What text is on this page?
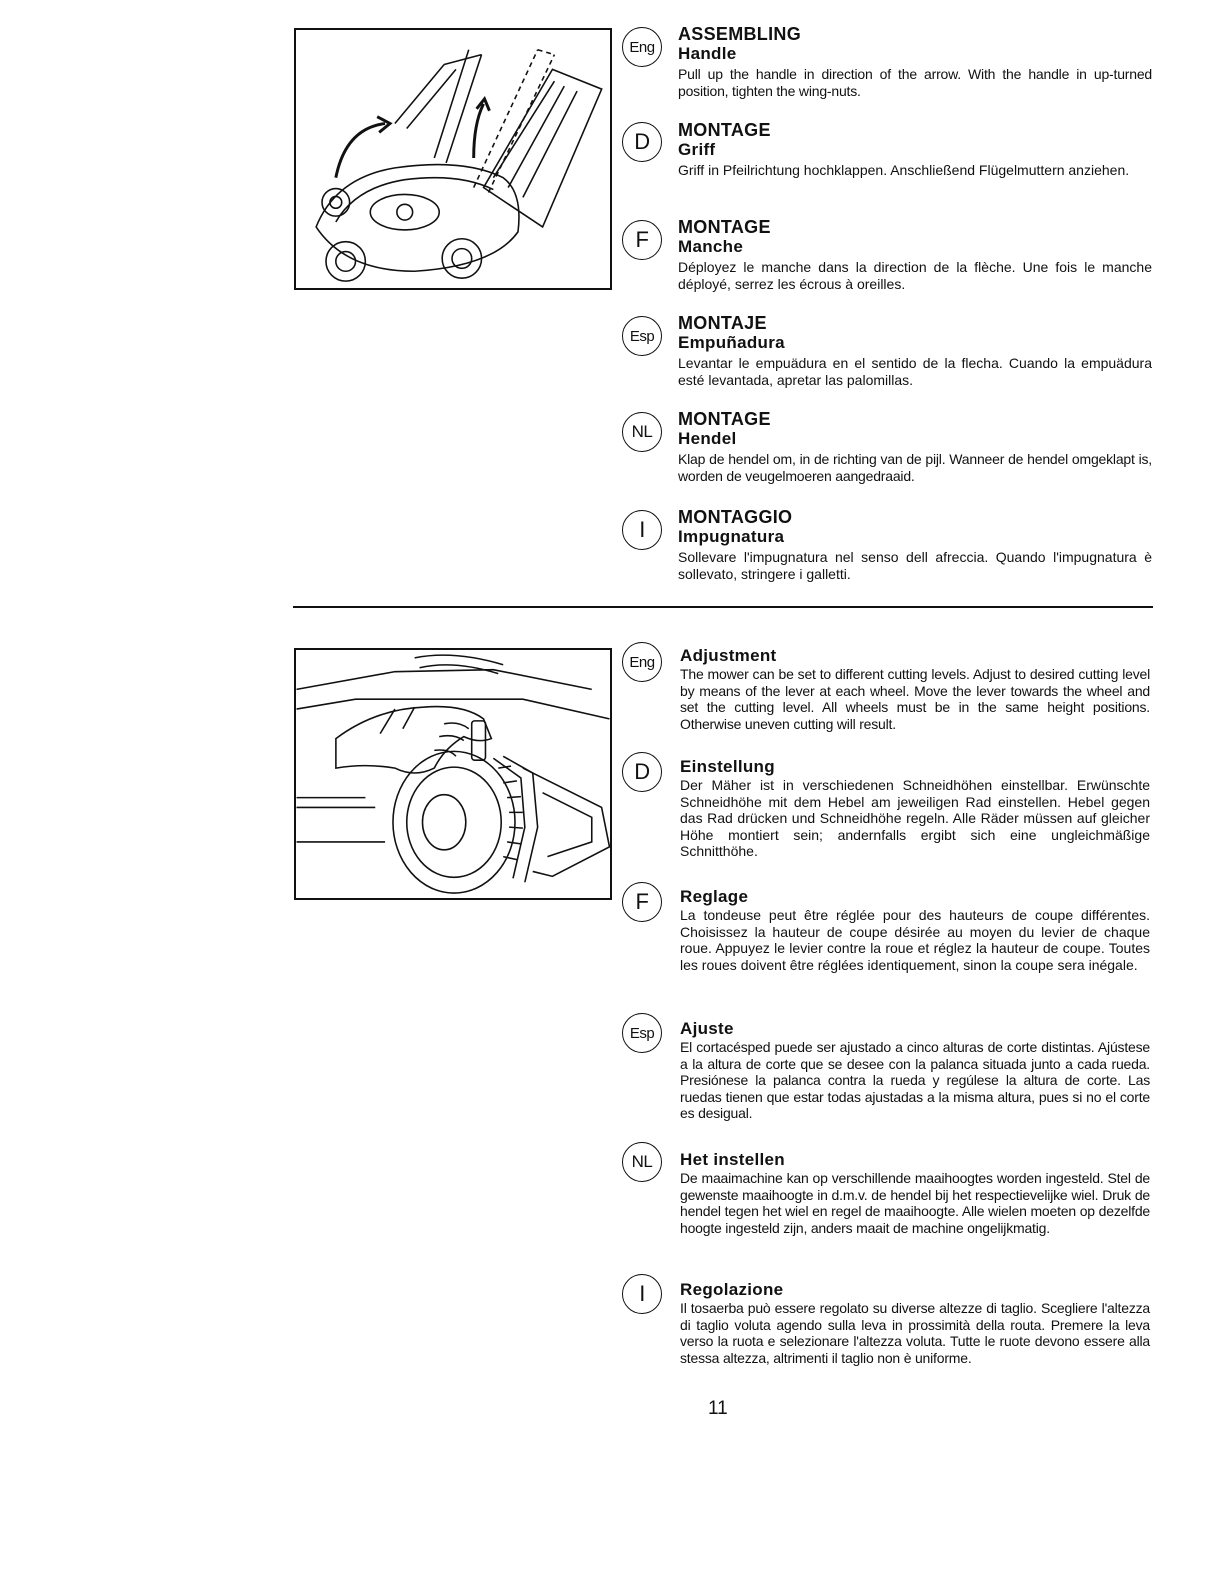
Eng

ASSEMBLING

Handle

Pull up the handle in direction of the arrow. With the handle in up-turned position, tighten the wing-nuts.

D	MONTAGE

Griff

Griff in Pfeilrichtung hochklappen. Anschließend Flügelmuttern anziehen.

F	MONTAGE

Manche

Déployez le manche dans la direction de la flèche. Une fois le manche déployé, serrez les écrous à oreilles.

Esp

MONTAJE

Empuñadura

Levantar le empuädura en el sentido de la flecha. Cuando la empuädura esté levantada, apretar las palomillas.

NL

MONTAGE

Hendel

Klap de hendel om, in de richting van de pijl. Wanneer de hendel omgeklapt is, worden de veugelmoeren aangedraaid.

I	MONTAGGIO

Impugnatura

Sollevare l'impugnatura nel senso dell afreccia. Quando l'impugnatura è sollevato, stringere i galletti.

Eng	Adjustment

The mower can be set to different cutting levels. Adjust to desired cutting level by means of the lever at each wheel. Move the lever towards the wheel and set the cutting level. All wheels must be in the same height positions. Otherwise uneven cutting will result.

D	Einstellung

Der Mäher ist in verschiedenen Schneidhöhen einstellbar. Erwünschte Schneidhöhe mit dem Hebel am jeweiligen Rad einstellen. Hebel gegen das Rad drücken und Schneidhöhe regeln. Alle Räder müssen auf gleicher Höhe montiert sein; andernfalls ergibt sich eine ungleichmäßige Schnitthöhe.

F	Reglage

La tondeuse peut être réglée pour des hauteurs de coupe différentes. Choisissez la hauteur de coupe désirée au moyen du levier de chaque roue. Appuyez le levier contre la roue et réglez la hauteur de coupe. Toutes les roues doivent être réglées identiquement, sinon la coupe sera inégale.

Esp	Ajuste

El cortacésped puede ser ajustado a cinco alturas de corte distintas. Ajústese a la altura de corte que se desee con la palanca situada junto a cada rueda. Presiónese la palanca contra la rueda y regúlese la altura de corte. Las ruedas tienen que estar todas ajustadas a la misma altura, pues si no el corte es desigual.

NL	Het instellen

De maaimachine kan op verschillende maaihoogtes worden ingesteld. Stel de gewenste maaihoogte in d.m.v. de hendel bij het respectievelijke wiel. Druk de hendel tegen het wiel en regel de maaihoogte. Alle wielen moeten op dezelfde hoogte ingesteld zijn, anders maait de machine ongelijkmatig.

I	Regolazione

Il tosaerba può essere regolato su diverse altezze di taglio. Scegliere l'altezza di taglio voluta agendo sulla leva in prossimità della routa. Premere la leva verso la ruota e selezionare l'altezza voluta. Tutte le ruote devono essere alla stessa altezza, altrimenti il taglio non è uniforme.

11
